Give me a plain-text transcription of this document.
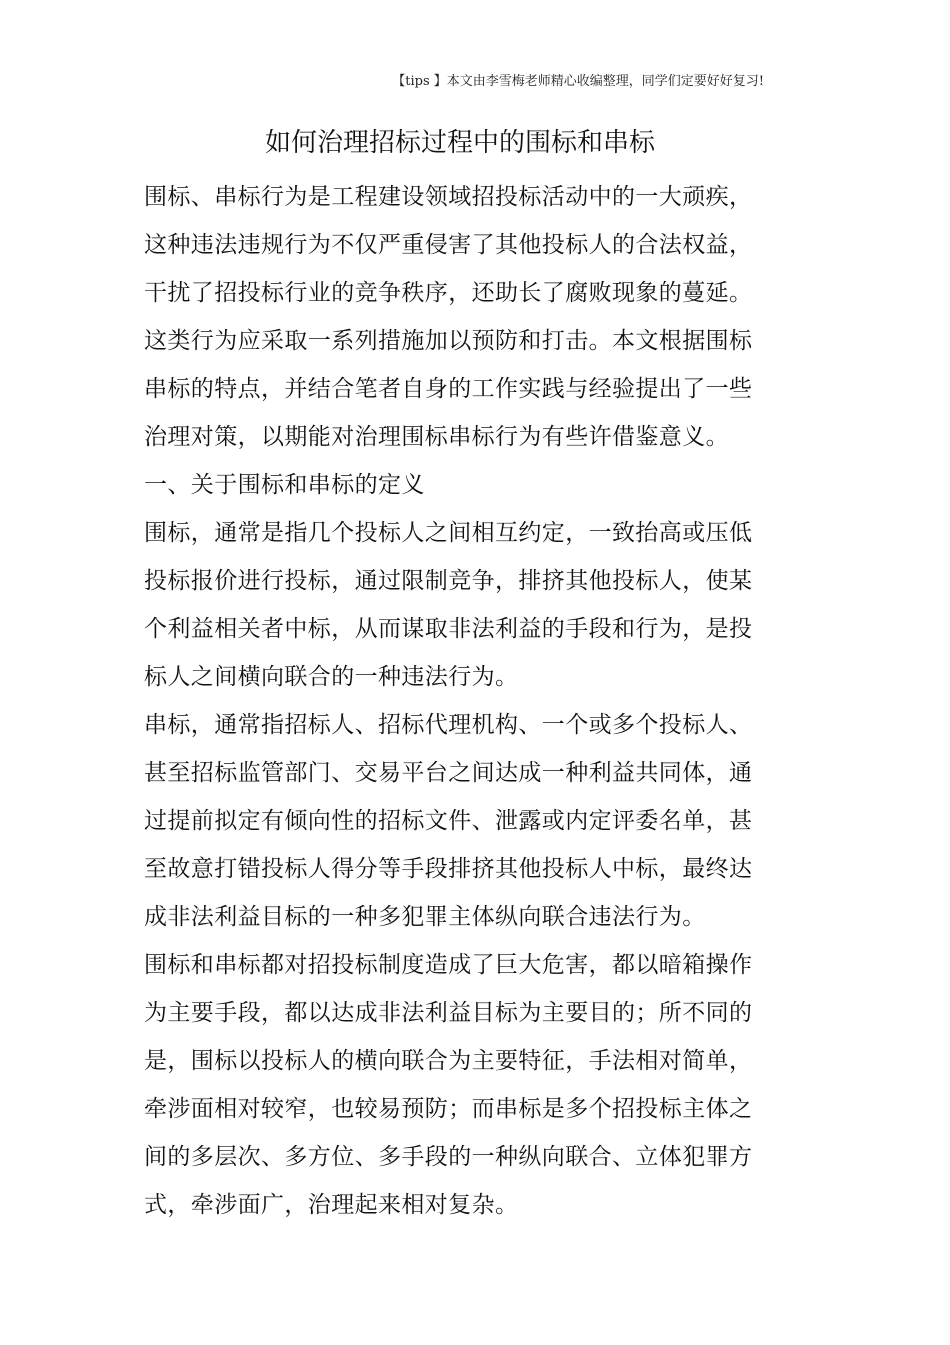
【tips 】本文由李雪梅老师精心收编整理，同学们定要好好复习!
如何治理招标过程中的围标和串标
围标、串标行为是工程建设领域招投标活动中的一大顽疾，
这种违法违规行为不仅严重侵害了其他投标人的合法权益，
干扰了招投标行业的竞争秩序，还助长了腐败现象的蔓延。
这类行为应采取一系列措施加以预防和打击。本文根据围标
串标的特点，并结合笔者自身的工作实践与经验提出了一些
治理对策，以期能对治理围标串标行为有些许借鉴意义。
一、关于围标和串标的定义
围标，通常是指几个投标人之间相互约定，一致抬高或压低
投标报价进行投标，通过限制竞争，排挤其他投标人，使某
个利益相关者中标，从而谋取非法利益的手段和行为，是投
标人之间横向联合的一种违法行为。
串标，通常指招标人、招标代理机构、一个或多个投标人、
甚至招标监管部门、交易平台之间达成一种利益共同体，通
过提前拟定有倾向性的招标文件、泄露或内定评委名单，甚
至故意打错投标人得分等手段排挤其他投标人中标，最终达
成非法利益目标的一种多犯罪主体纵向联合违法行为。
围标和串标都对招投标制度造成了巨大危害，都以暗箱操作
为主要手段，都以达成非法利益目标为主要目的；所不同的
是，围标以投标人的横向联合为主要特征，手法相对简单，
牵涉面相对较窄，也较易预防；而串标是多个招投标主体之
间的多层次、多方位、多手段的一种纵向联合、立体犯罪方
式，牵涉面广，治理起来相对复杂。
